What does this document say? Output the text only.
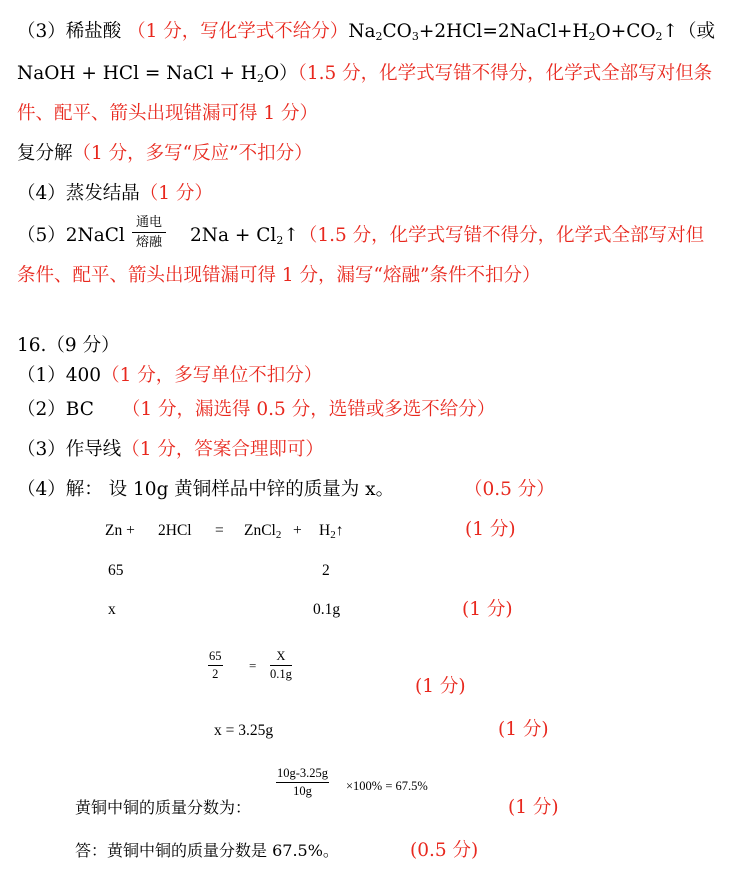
（3）稀盐酸 （1 分，写化学式不给分）$Na_2CO_3+2HCl=2NaCl+H_2O+CO_2↑$（或
NaOH + HCl = NaCl + $H_2O)(1.5$ 分，化学式写错不得分，化学式全部写对但条
件、配平、箭头出现错漏可得 1 分）
复分解（1 分，多写“反应”不扣分）
（4）蒸发结晶（1 分）
（5）2NaCl
通电
熔融 $2Na + Cl_2↑(1.5$ 分，化学式写错不得分，化学式全部写对但
条件、配平、箭头出现错漏可得 1 分，漏写“熔融”条件不扣分）
16.（9 分）
（1）400（1 分，多写单位不扣分）
（2）BC （1 分，漏选得 0.5 分，选错或多选不给分）
（3）作导线（1 分，答案合理即可）
（4）解： 设 10g 黄铜样品中锌的质量为 x。	（0.5 分）
Zn + 2HCl = ZnCl$_2$ + $H_2↑$	(1 分)
65	2
x	0.1g	(1 分)
$\frac{65}{2} = \frac{X}{0.1g}$
(1 分)
x = 3.25g	(1 分)
$\frac{10g-3.25g}{10g} \times 100\% = 67.5\%$
黄铜中铜的质量分数为：	(1 分)
答：黄铜中铜的质量分数是 67.5%。	(0.5 分)
